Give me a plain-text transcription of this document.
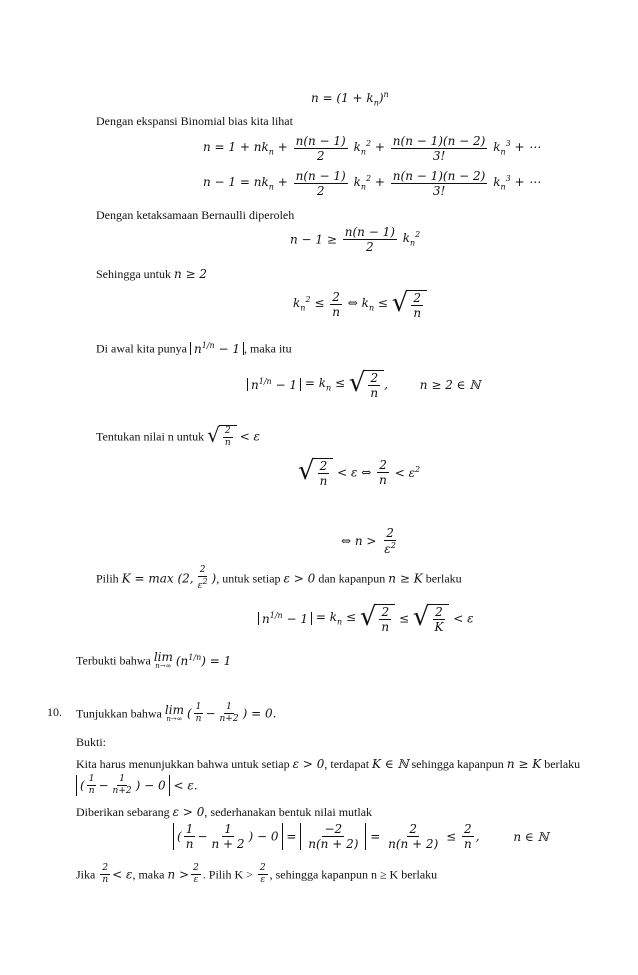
$n = (1 + k_n)^n$
Dengan ekspansi Binomial bias kita lihat
$n = 1 + nk_n + \frac{n(n - 1)}{2} k_n^2 + \frac{n(n - 1)(n - 2)}{3!} k_n^3$ + ⋯
$n - 1 = nk_n + \frac{n(n - 1)}{2} k_n^2 + \frac{n(n - 1)(n - 2)}{3!} k_n^3$ + ⋯
Dengan ketaksamaan Bernaulli diperoleh
$n - 1 \ge \frac{n(n - 1)}{2} k_n^2$
Sehingga untuk n ≥ 2
$k_n^2 \le \frac{2}{n}$ ⇔ $k_n$ ≤ √ $\frac{2}{n}$
Di awal kita punya $n^{1/n} - 1$ , maka itu
$n^{1/n} - 1 = k_n$ ≤ √ $\frac{2}{n}$ ,	n ≥ 2 ∈ ℕ
Tentukan nilai n untuk √ $\frac{2}{n} < \varepsilon$
√ $\frac{2}{n} < \varepsilon$ ⇔ $\frac{2}{n} < \varepsilon^2$
⇔ $n > \frac{2}{\varepsilon^2}$
Pilih K = max (2, $\frac{2}{\varepsilon^2}$ ), untuk setiap ε > 0 dan kapanpun n ≥ K berlaku
$n^{1/n} - 1 = k_n$ ≤ √ $\frac{2}{n}$ ≤ √ $\frac{2}{K} < \varepsilon$
Terbukti bahwa lim
n→∞ $(n^{1/n}) = 1$
10. Tunjukkan bahwa lim
n→∞ ( $\frac{1}{n} - \frac{1}{n+2}$ ) = 0.
Bukti:
Kita harus menunjukkan bahwa untuk setiap ε > 0, terdapat K ∈ ℕ sehingga kapanpun n ≥ K berlaku
( $\frac{1}{n} - \frac{1}{n+2}$ ) − 0 < ε.
Diberikan sebarang ε > 0, sederhanakan bentuk nilai mutlak
( $\frac{1}{n} - \frac{1}{n + 2}$ ) − $0 = \frac{-2}{n(n + 2)} = \frac{2}{n(n + 2)} \le \frac{2}{n}$ ,	n ∈ ℕ
Jika $\frac{2}{n} < \varepsilon$, maka $n > \frac{2}{\varepsilon}$ . Pilih $K > \frac{2}{\varepsilon}$ , sehingga kapanpun n ≥ K berlaku
